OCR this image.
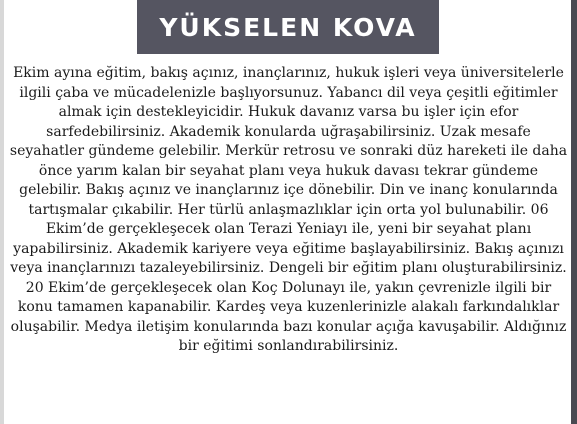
YÜKSELEN KOVA

Ekim ayına eğitim, bakış açınız, inançlarınız, hukuk işleri veya üniversitelerle ilgili çaba ve mücadelenizle başlıyorsunuz. Yabancı dil veya çeşitli eğitimler almak için destekleyicidir. Hukuk davanız varsa bu işler için efor sarfedebilirsiniz. Akademik konularda uğraşabilirsiniz. Uzak mesafe seyahatler gündeme gelebilir. Merkür retrosu ve sonraki düz hareketi ile daha önce yarım kalan bir seyahat planı veya hukuk davası tekrar gündeme gelebilir. Bakış açınız ve inançlarınız içe dönebilir. Din ve inanç konularında tartışmalar çıkabilir. Her türlü anlaşmazlıklar için orta yol bulunabilir. 06 Ekim’de gerçekleşecek olan Terazi Yeniayı ile, yeni bir seyahat planı yapabilirsiniz. Akademik kariyere veya eğitime başlayabilirsiniz. Bakış açınızı veya inançlarınızı tazaleyebilirsiniz. Dengeli bir eğitim planı oluşturabilirsiniz. 20 Ekim’de gerçekleşecek olan Koç Dolunayı ile, yakın çevrenizle ilgili bir konu tamamen kapanabilir. Kardeş veya kuzenlerinizle alakalı farkındalıklar oluşabilir. Medya iletişim konularında bazı konular açığa kavuşabilir. Aldığınız bir eğitimi sonlandırabilirsiniz.
